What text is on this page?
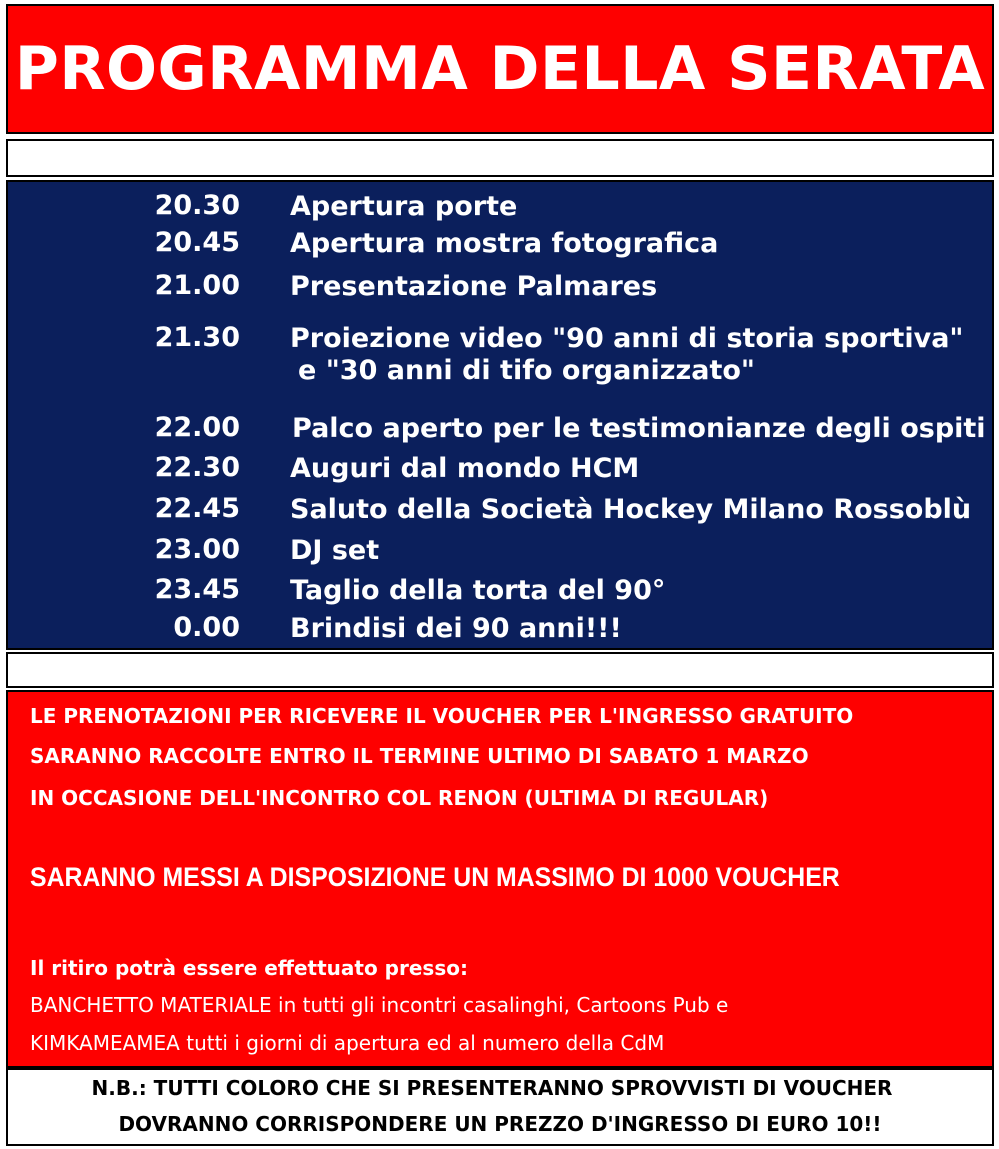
PROGRAMMA DELLA SERATA
20.30 Apertura porte
20.45 Apertura mostra fotografica
21.00 Presentazione Palmares
21.30 Proiezione video "90 anni di storia sportiva"
e "30 anni di tifo organizzato"
22.00 Palco aperto per le testimonianze degli ospiti
22.30 Auguri dal mondo HCM
22.45 Saluto della Società Hockey Milano Rossoblù
23.00 DJ set
23.45 Taglio della torta del 90°
0.00 Brindisi dei 90 anni!!!
LE PRENOTAZIONI PER RICEVERE IL VOUCHER PER L'INGRESSO GRATUITO
SARANNO RACCOLTE ENTRO IL TERMINE ULTIMO DI SABATO 1 MARZO
IN OCCASIONE DELL'INCONTRO COL RENON (ULTIMA DI REGULAR)
SARANNO MESSI A DISPOSIZIONE UN MASSIMO DI 1000 VOUCHER
Il ritiro potrà essere effettuato presso:
BANCHETTO MATERIALE in tutti gli incontri casalinghi, Cartoons Pub e
KIMKAMEAMEA tutti i giorni di apertura ed al numero della CdM
N.B.: TUTTI COLORO CHE SI PRESENTERANNO SPROVVISTI DI VOUCHER
DOVRANNO CORRISPONDERE UN PREZZO D'INGRESSO DI EURO 10!!
